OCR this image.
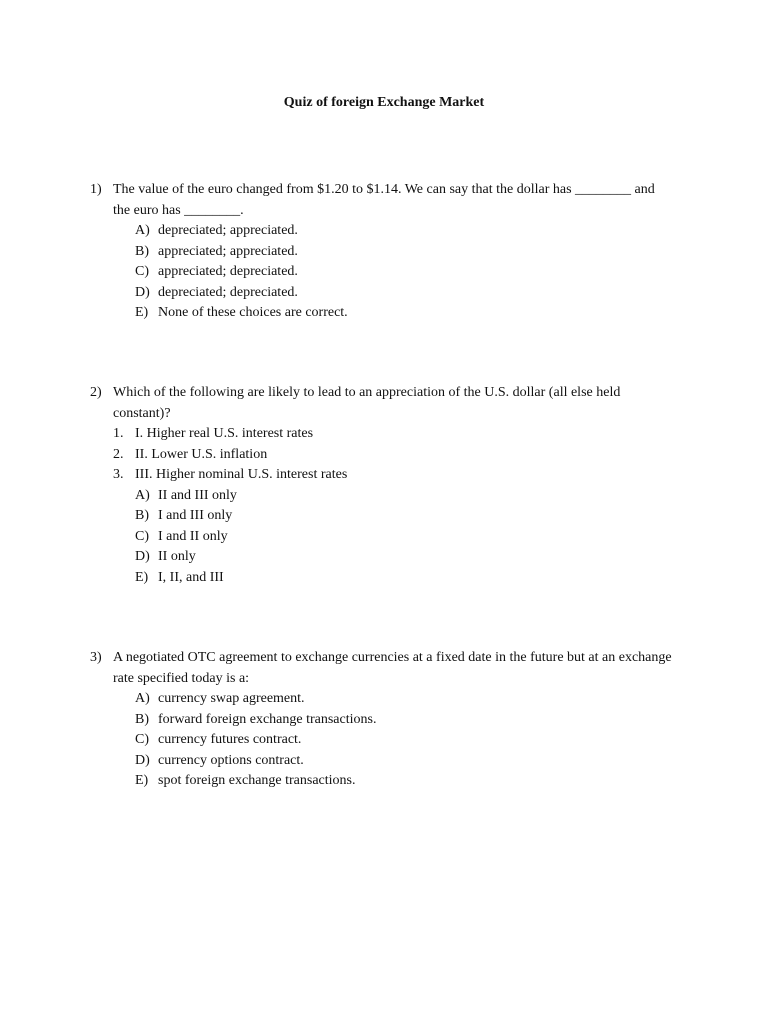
Quiz of foreign Exchange Market
1) The value of the euro changed from $1.20 to $1.14. We can say that the dollar has ________ and the euro has ________.
A) depreciated; appreciated.
B) appreciated; appreciated.
C) appreciated; depreciated.
D) depreciated; depreciated.
E) None of these choices are correct.
2) Which of the following are likely to lead to an appreciation of the U.S. dollar (all else held constant)?
1. I. Higher real U.S. interest rates
2. II. Lower U.S. inflation
3. III. Higher nominal U.S. interest rates
A) II and III only
B) I and III only
C) I and II only
D) II only
E) I, II, and III
3) A negotiated OTC agreement to exchange currencies at a fixed date in the future but at an exchange rate specified today is a:
A) currency swap agreement.
B) forward foreign exchange transactions.
C) currency futures contract.
D) currency options contract.
E) spot foreign exchange transactions.
